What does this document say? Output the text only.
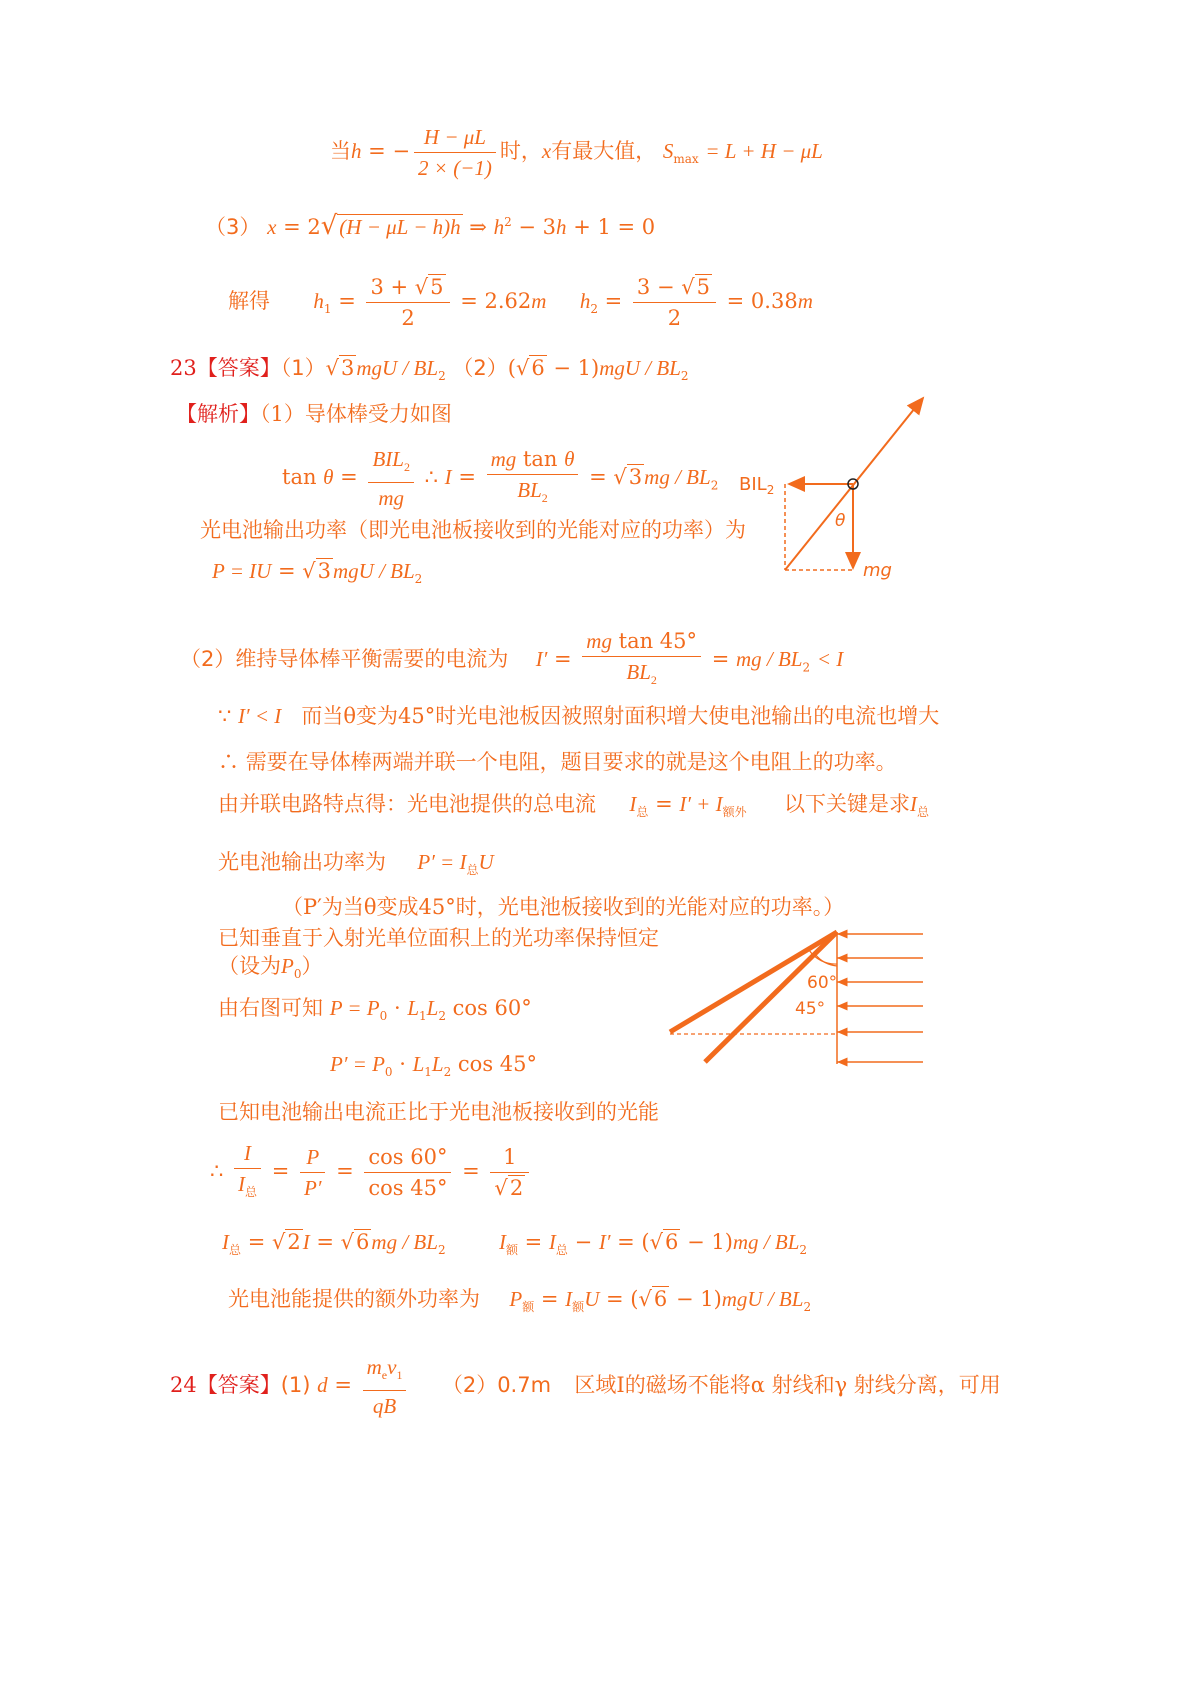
当h = − $\frac{H - \mu L}{2 \times (-1)}$ 时，x有最大值， $S_{max} = L + H - \mu L$
（3） x = 2√(H − μL − h)h ⇒ $h^2 - 3h + 1 = 0$
解得 $h_1 = \frac{3 + √5}{2} = 2.62m$ $h_2 = \frac{3 - √5}{2} = 0.38m$
23【答案】$(1)√3mgU / BL_2$ $(2)(√6 - 1)mgU / BL_2$
【解析】（1）导体棒受力如图
$\tan \theta = \frac{BIL_2}{mg}$ ∴ $I = \frac{\text{mg tan θ}}{BL_2} = √3mg / BL_2$
光电池输出功率（即光电池板接收到的光能对应的功率）为
P = IU = $√3mgU / BL_2$
$BIL_2$
θ
mg
（2）维持导体棒平衡需要的电流为 $I' = \frac{\text{mg tan 45°}}{BL_2}$ = mg / $BL_2 < I$
∵ I′ < I 而当θ变为45°时光电池板因被照射面积增大使电池输出的电流也增大
∴ 需要在导体棒两端并联一个电阻，题目要求的就是这个电阻上的功率。
由并联电路特点得：光电池提供的总电流 $I_总 = I' + I_{额外}$ 以下关键是求$I_总$
光电池输出功率为 $P' = I_总U$
（P′为当θ变成45°时，光电池板接收到的光能对应的功率。）
已知垂直于入射光单位面积上的光功率保持恒定
（设为$P_0$）
由右图可知 $P = P_0 \cdot L_1L_2$ cos 60°
$P' = P_0 \cdot L_1L_2$ cos 45°
60°
45°
已知电池输出电流正比于光电池板接收到的光能
∴ $\frac{I}{I_总} = \frac{P}{P'} = \frac{\cos 60^\circ}{\cos 45^\circ} = \frac{1}{√2}$
$I_总 = √2I = √6mg / BL_2$	$I_额 = I_总 - I' = (√6 - 1)mg / BL_2$
光电池能提供的额外功率为 $P_额 = I_额U = (√6 - 1)mgU / BL_2$
24【答案】(1) $d = \frac{m_ev_1}{qB} (2)0.7m$ 区域Ⅰ的磁场不能将α 射线和γ 射线分离，可用
